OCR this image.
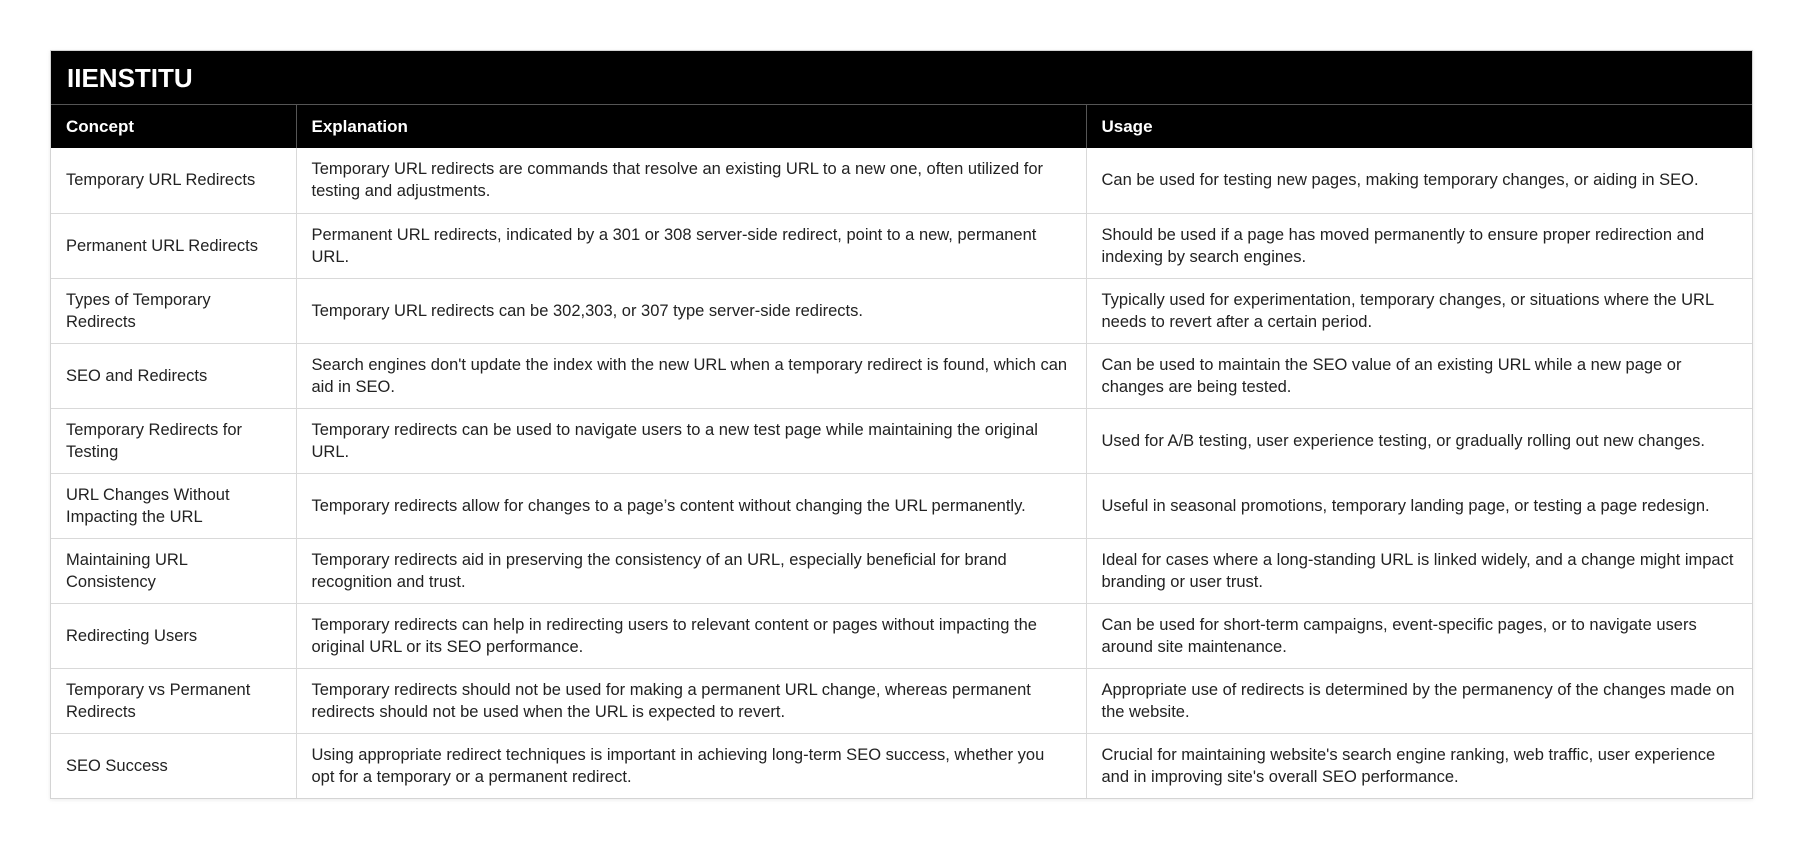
IIENSTITU
Concept	Explanation	Usage
Temporary URL Redirects	Temporary URL redirects are commands that resolve an existing URL to a new one, often utilized for testing and adjustments.	Can be used for testing new pages, making temporary changes, or aiding in SEO.
Permanent URL Redirects	Permanent URL redirects, indicated by a 301 or 308 server-side redirect, point to a new, permanent URL.	Should be used if a page has moved permanently to ensure proper redirection and indexing by search engines.
Types of Temporary Redirects	Temporary URL redirects can be 302,303, or 307 type server-side redirects.	Typically used for experimentation, temporary changes, or situations where the URL needs to revert after a certain period.
SEO and Redirects	Search engines don't update the index with the new URL when a temporary redirect is found, which can aid in SEO.	Can be used to maintain the SEO value of an existing URL while a new page or changes are being tested.
Temporary Redirects for Testing	Temporary redirects can be used to navigate users to a new test page while maintaining the original URL.	Used for A/B testing, user experience testing, or gradually rolling out new changes.
URL Changes Without Impacting the URL	Temporary redirects allow for changes to a page’s content without changing the URL permanently.	Useful in seasonal promotions, temporary landing page, or testing a page redesign.
Maintaining URL Consistency	Temporary redirects aid in preserving the consistency of an URL, especially beneficial for brand recognition and trust.	Ideal for cases where a long-standing URL is linked widely, and a change might impact branding or user trust.
Redirecting Users	Temporary redirects can help in redirecting users to relevant content or pages without impacting the original URL or its SEO performance.	Can be used for short-term campaigns, event-specific pages, or to navigate users around site maintenance.
Temporary vs Permanent Redirects	Temporary redirects should not be used for making a permanent URL change, whereas permanent redirects should not be used when the URL is expected to revert.	Appropriate use of redirects is determined by the permanency of the changes made on the website.
SEO Success	Using appropriate redirect techniques is important in achieving long-term SEO success, whether you opt for a temporary or a permanent redirect.	Crucial for maintaining website's search engine ranking, web traffic, user experience and in improving site's overall SEO performance.
